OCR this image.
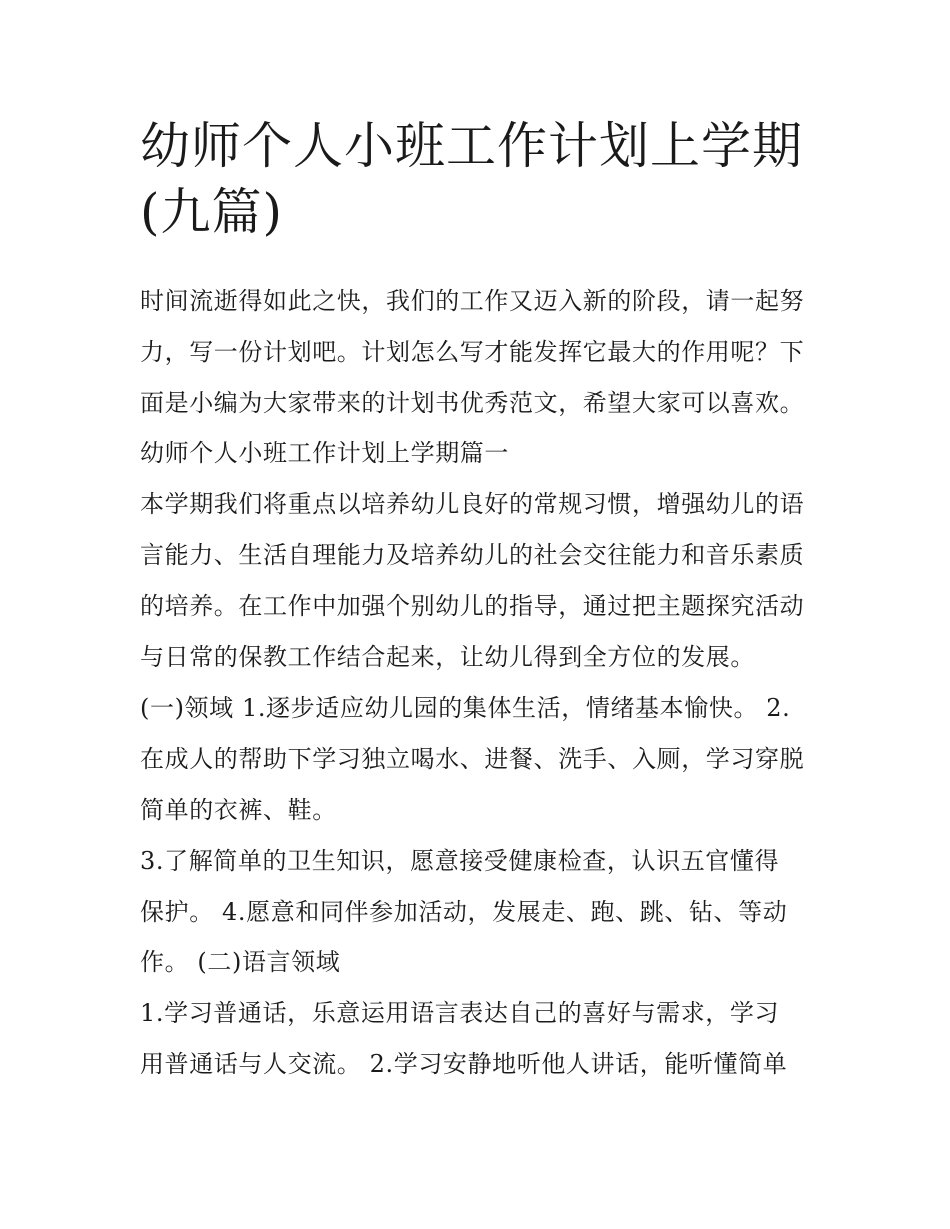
幼师个人小班工作计划上学期
(九篇)
时间流逝得如此之快，我们的工作又迈入新的阶段，请一起努
力，写一份计划吧。计划怎么写才能发挥它最大的作用呢？下
面是小编为大家带来的计划书优秀范文，希望大家可以喜欢。
幼师个人小班工作计划上学期篇一
本学期我们将重点以培养幼儿良好的常规习惯，增强幼儿的语
言能力、生活自理能力及培养幼儿的社会交往能力和音乐素质
的培养。在工作中加强个别幼儿的指导，通过把主题探究活动
与日常的保教工作结合起来，让幼儿得到全方位的发展。
(一)领域 1.逐步适应幼儿园的集体生活，情绪基本愉快。 2.
在成人的帮助下学习独立喝水、进餐、洗手、入厕，学习穿脱
简单的衣裤、鞋。
3.了解简单的卫生知识，愿意接受健康检查，认识五官懂得
保护。 4.愿意和同伴参加活动，发展走、跑、跳、钻、等动
作。 (二)语言领域
1.学习普通话，乐意运用语言表达自己的喜好与需求，学习
用普通话与人交流。 2.学习安静地听他人讲话，能听懂简单
